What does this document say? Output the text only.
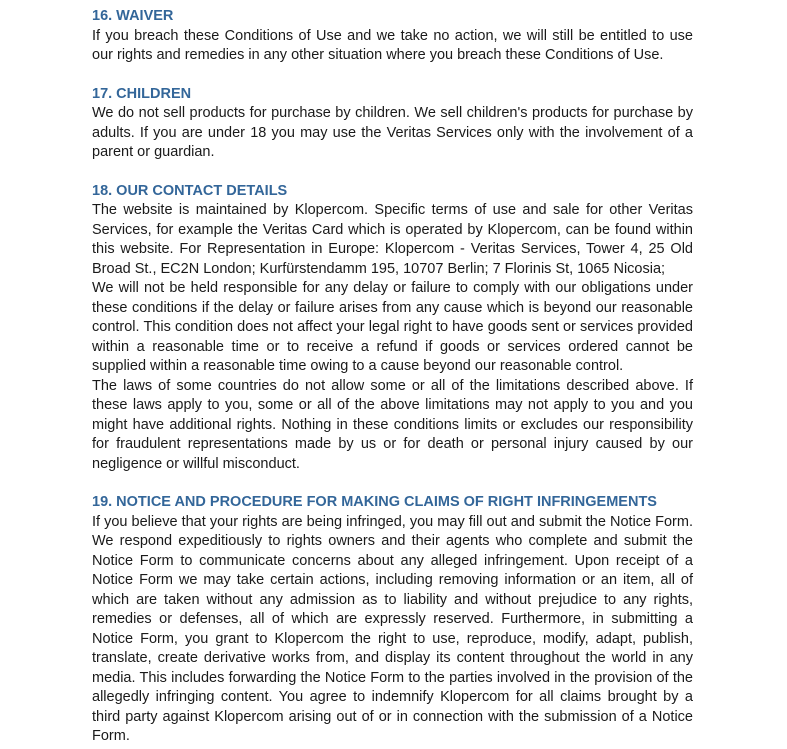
16. WAIVER

If you breach these Conditions of Use and we take no action, we will still be entitled to use our rights and remedies in any other situation where you breach these Conditions of Use.

17. CHILDREN

We do not sell products for purchase by children. We sell children's products for purchase by adults. If you are under 18 you may use the Veritas Services only with the involvement of a parent or guardian.

18. OUR CONTACT DETAILS

The website is maintained by Klopercom. Specific terms of use and sale for other Veritas Services, for example the Veritas Card which is operated by Klopercom, can be found within this website. For Representation in Europe: Klopercom - Veritas Services, Tower 4, 25 Old Broad St., EC2N London; Kurfürstendamm 195, 10707 Berlin; 7 Florinis St, 1065 Nicosia;

We will not be held responsible for any delay or failure to comply with our obligations under these conditions if the delay or failure arises from any cause which is beyond our reasonable control. This condition does not affect your legal right to have goods sent or services provided within a reasonable time or to receive a refund if goods or services ordered cannot be supplied within a reasonable time owing to a cause beyond our reasonable control.

The laws of some countries do not allow some or all of the limitations described above. If these laws apply to you, some or all of the above limitations may not apply to you and you might have additional rights. Nothing in these conditions limits or excludes our responsibility for fraudulent representations made by us or for death or personal injury caused by our negligence or willful misconduct.

19. NOTICE AND PROCEDURE FOR MAKING CLAIMS OF RIGHT INFRINGEMENTS

If you believe that your rights are being infringed, you may fill out and submit the Notice Form. We respond expeditiously to rights owners and their agents who complete and submit the Notice Form to communicate concerns about any alleged infringement. Upon receipt of a Notice Form we may take certain actions, including removing information or an item, all of which are taken without any admission as to liability and without prejudice to any rights, remedies or defenses, all of which are expressly reserved. Furthermore, in submitting a Notice Form, you grant to Klopercom the right to use, reproduce, modify, adapt, publish, translate, create derivative works from, and display its content throughout the world in any media. This includes forwarding the Notice Form to the parties involved in the provision of the allegedly infringing content. You agree to indemnify Klopercom for all claims brought by a third party against Klopercom arising out of or in connection with the submission of a Notice Form.
